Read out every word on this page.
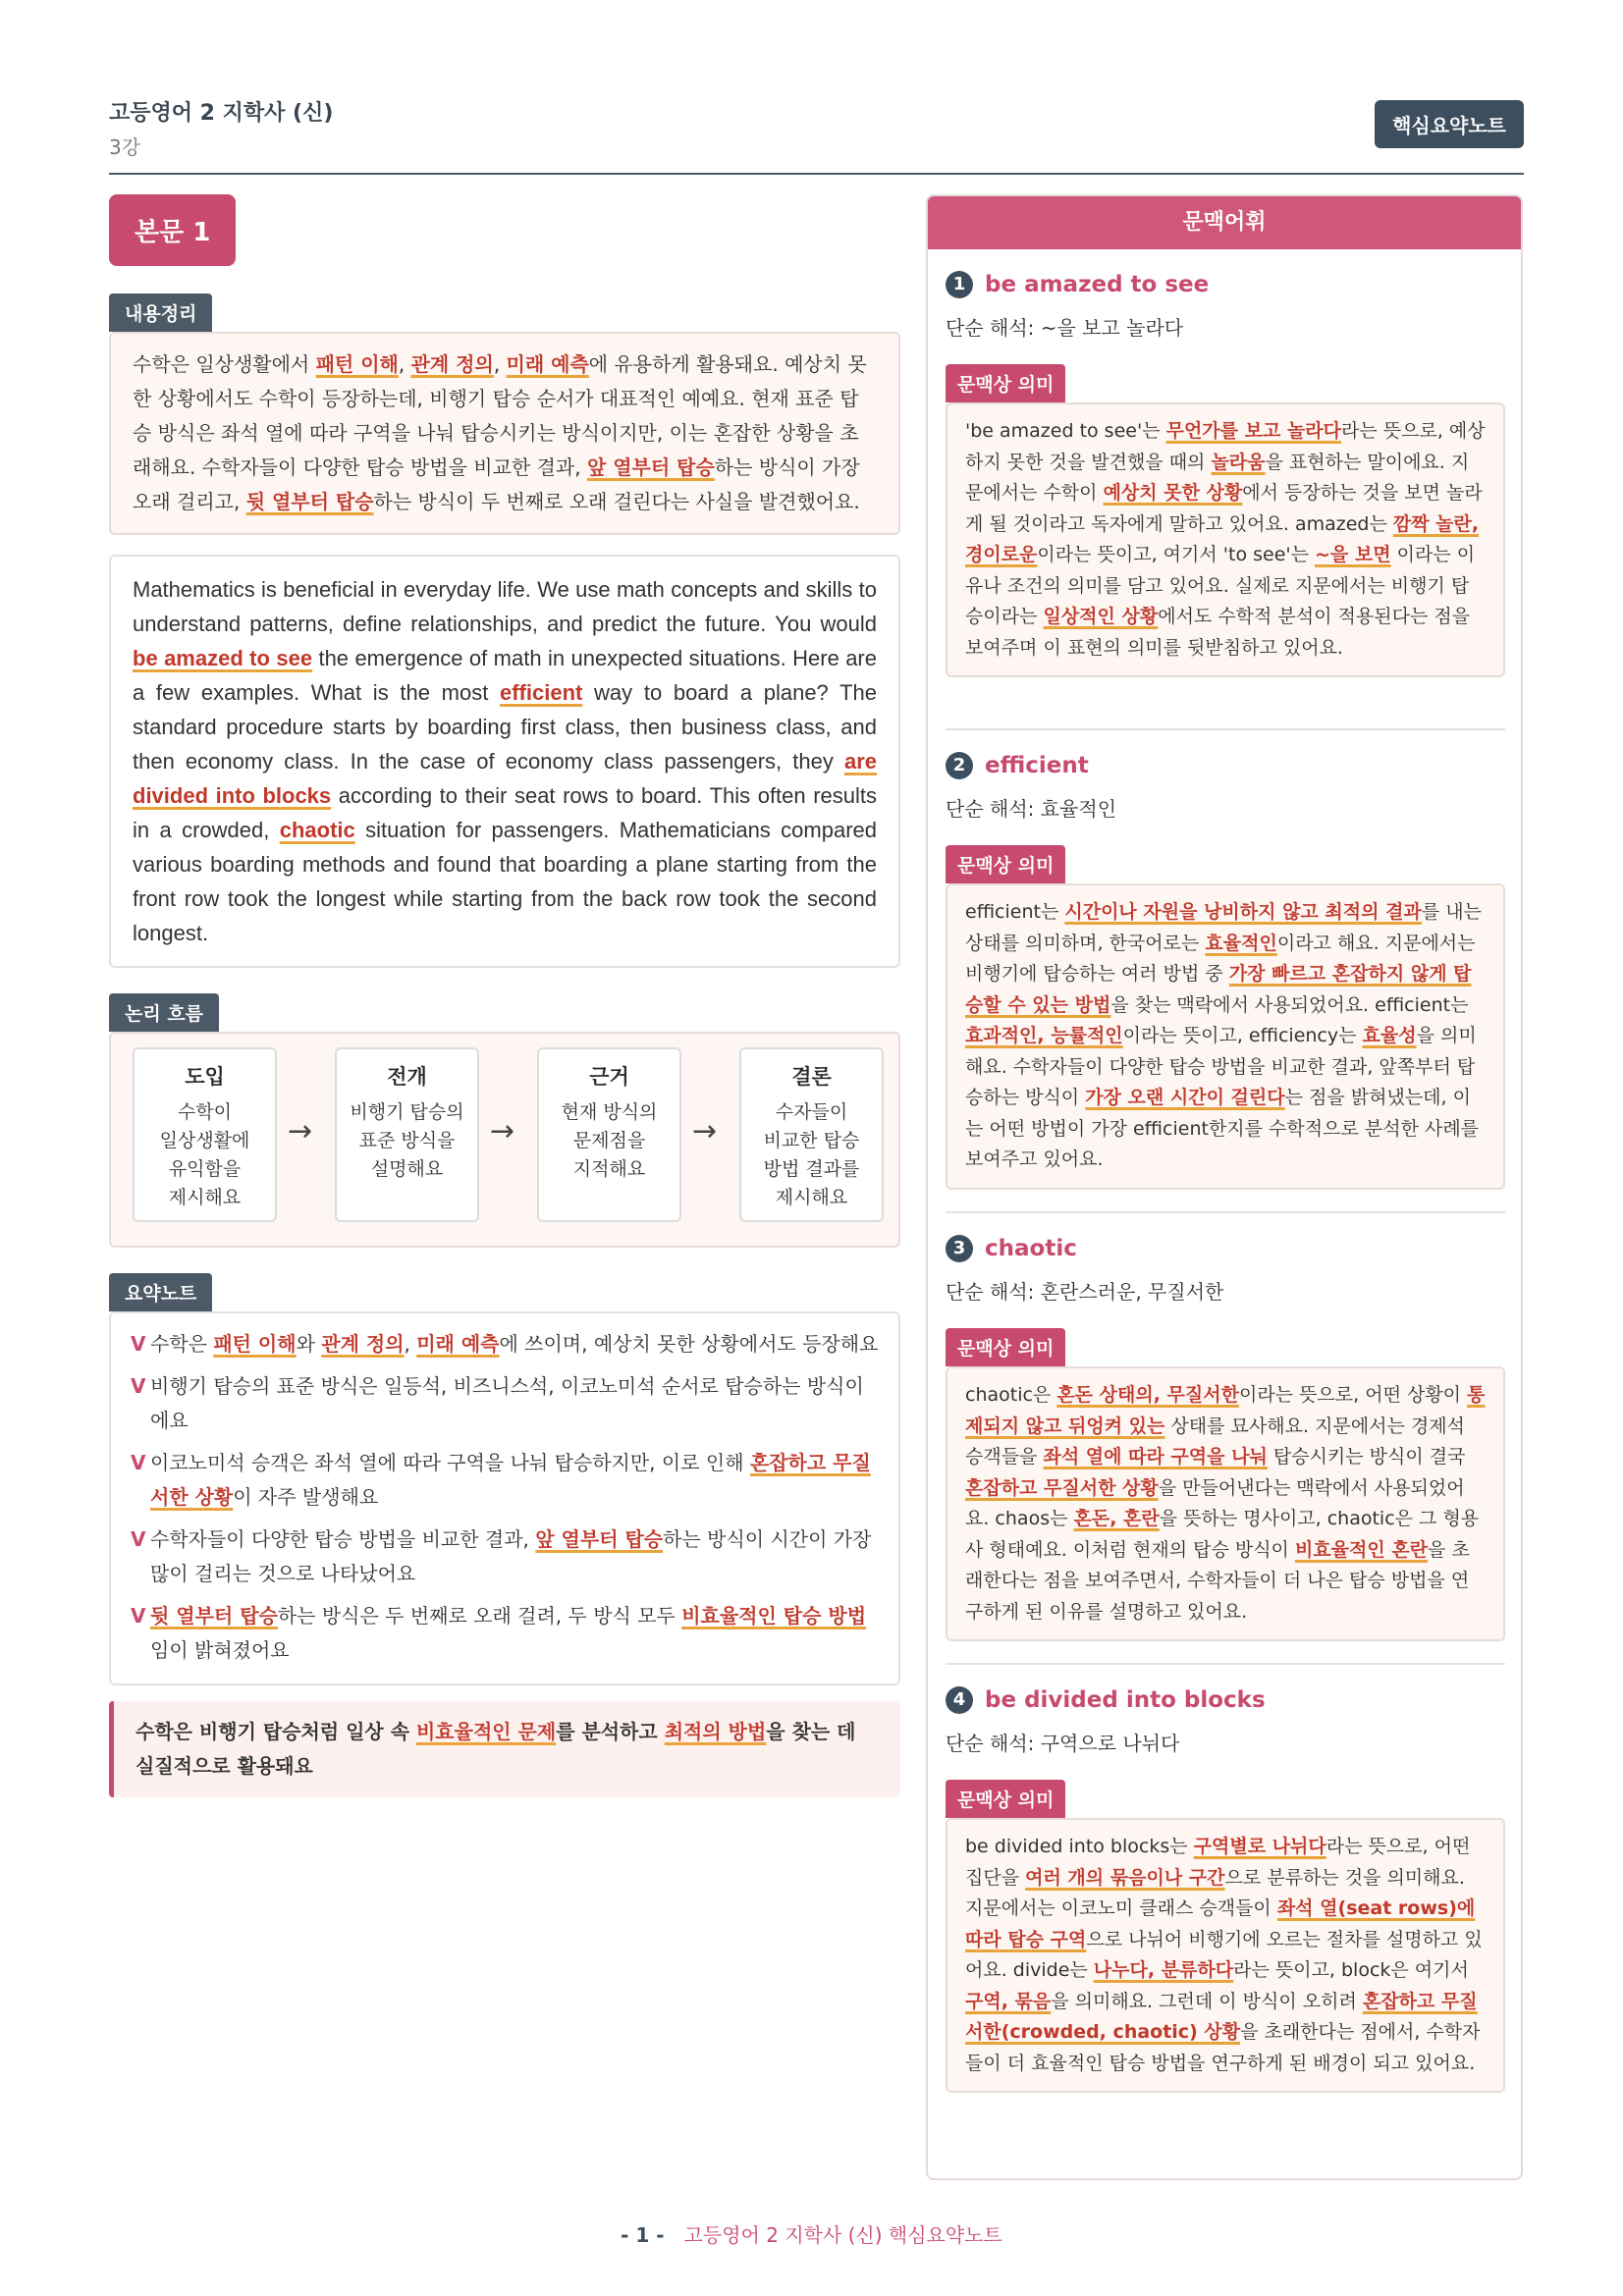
고등영어 2 지학사 (신)
3강
핵심요약노트
본문 1
내용정리
수학은 일상생활에서 패턴 이해, 관계 정의, 미래 예측에 유용하게 활용돼요. 예상치 못한 상황에서도 수학이 등장하는데, 비행기 탑승 순서가 대표적인 예예요. 현재 표준 탑승 방식은 좌석 열에 따라 구역을 나눠 탑승시키는 방식이지만, 이는 혼잡한 상황을 초래해요. 수학자들이 다양한 탑승 방법을 비교한 결과, 앞 열부터 탑승하는 방식이 가장 오래 걸리고, 뒷 열부터 탑승하는 방식이 두 번째로 오래 걸린다는 사실을 발견했어요.
Mathematics is beneficial in everyday life. We use math concepts and skills to understand patterns, define relationships, and predict the future. You would be amazed to see the emergence of math in unexpected situations. Here are a few examples. What is the most efficient way to board a plane? The standard procedure starts by boarding first class, then business class, and then economy class. In the case of economy class passengers, they are divided into blocks according to their seat rows to board. This often results in a crowded, chaotic situation for passengers. Mathematicians compared various boarding methods and found that boarding a plane starting from the front row took the longest while starting from the back row took the second longest.
논리 흐름
도입
수학이
일상생활에
유익함을
제시해요
→
전개
비행기 탑승의
표준 방식을
설명해요
→
근거
현재 방식의
문제점을
지적해요
→
결론
수자들이
비교한 탑승
방법 결과를
제시해요
요약노트
V 수학은 패턴 이해와 관계 정의, 미래 예측에 쓰이며, 예상치 못한 상황에서도 등장해요
V 비행기 탑승의 표준 방식은 일등석, 비즈니스석, 이코노미석 순서로 탑승하는 방식이에요
V 이코노미석 승객은 좌석 열에 따라 구역을 나눠 탑승하지만, 이로 인해 혼잡하고 무질서한 상황이 자주 발생해요
V 수학자들이 다양한 탑승 방법을 비교한 결과, 앞 열부터 탑승하는 방식이 시간이 가장 많이 걸리는 것으로 나타났어요
V 뒷 열부터 탑승하는 방식은 두 번째로 오래 걸려, 두 방식 모두 비효율적인 탑승 방법임이 밝혀졌어요
수학은 비행기 탑승처럼 일상 속 비효율적인 문제를 분석하고 최적의 방법을 찾는 데 실질적으로 활용돼요
문맥어휘
1 be amazed to see
단순 해석: ~을 보고 놀라다
문맥상 의미
'be amazed to see'는 무언가를 보고 놀라다라는 뜻으로, 예상하지 못한 것을 발견했을 때의 놀라움을 표현하는 말이에요. 지문에서는 수학이 예상치 못한 상황에서 등장하는 것을 보면 놀라게 될 것이라고 독자에게 말하고 있어요. amazed는 깜짝 놀란, 경이로운이라는 뜻이고, 여기서 'to see'는 ~을 보면 이라는 이유나 조건의 의미를 담고 있어요. 실제로 지문에서는 비행기 탑승이라는 일상적인 상황에서도 수학적 분석이 적용된다는 점을 보여주며 이 표현의 의미를 뒷받침하고 있어요.
2 efficient
단순 해석: 효율적인
문맥상 의미
efficient는 시간이나 자원을 낭비하지 않고 최적의 결과를 내는 상태를 의미하며, 한국어로는 효율적인이라고 해요. 지문에서는 비행기에 탑승하는 여러 방법 중 가장 빠르고 혼잡하지 않게 탑승할 수 있는 방법을 찾는 맥락에서 사용되었어요. efficient는 효과적인, 능률적인이라는 뜻이고, efficiency는 효율성을 의미해요. 수학자들이 다양한 탑승 방법을 비교한 결과, 앞쪽부터 탑승하는 방식이 가장 오랜 시간이 걸린다는 점을 밝혀냈는데, 이는 어떤 방법이 가장 efficient한지를 수학적으로 분석한 사례를 보여주고 있어요.
3 chaotic
단순 해석: 혼란스러운, 무질서한
문맥상 의미
chaotic은 혼돈 상태의, 무질서한이라는 뜻으로, 어떤 상황이 통제되지 않고 뒤엉켜 있는 상태를 묘사해요. 지문에서는 경제석 승객들을 좌석 열에 따라 구역을 나눠 탑승시키는 방식이 결국 혼잡하고 무질서한 상황을 만들어낸다는 맥락에서 사용되었어요. chaos는 혼돈, 혼란을 뜻하는 명사이고, chaotic은 그 형용사 형태예요. 이처럼 현재의 탑승 방식이 비효율적인 혼란을 초래한다는 점을 보여주면서, 수학자들이 더 나은 탑승 방법을 연구하게 된 이유를 설명하고 있어요.
4 be divided into blocks
단순 해석: 구역으로 나뉘다
문맥상 의미
be divided into blocks는 구역별로 나뉘다라는 뜻으로, 어떤 집단을 여러 개의 묶음이나 구간으로 분류하는 것을 의미해요. 지문에서는 이코노미 클래스 승객들이 좌석 열(seat rows)에 따라 탑승 구역으로 나뉘어 비행기에 오르는 절차를 설명하고 있어요. divide는 나누다, 분류하다라는 뜻이고, block은 여기서 구역, 묶음을 의미해요. 그런데 이 방식이 오히려 혼잡하고 무질서한(crowded, chaotic) 상황을 초래한다는 점에서, 수학자들이 더 효율적인 탑승 방법을 연구하게 된 배경이 되고 있어요.
- 1 - 고등영어 2 지학사 (신) 핵심요약노트
